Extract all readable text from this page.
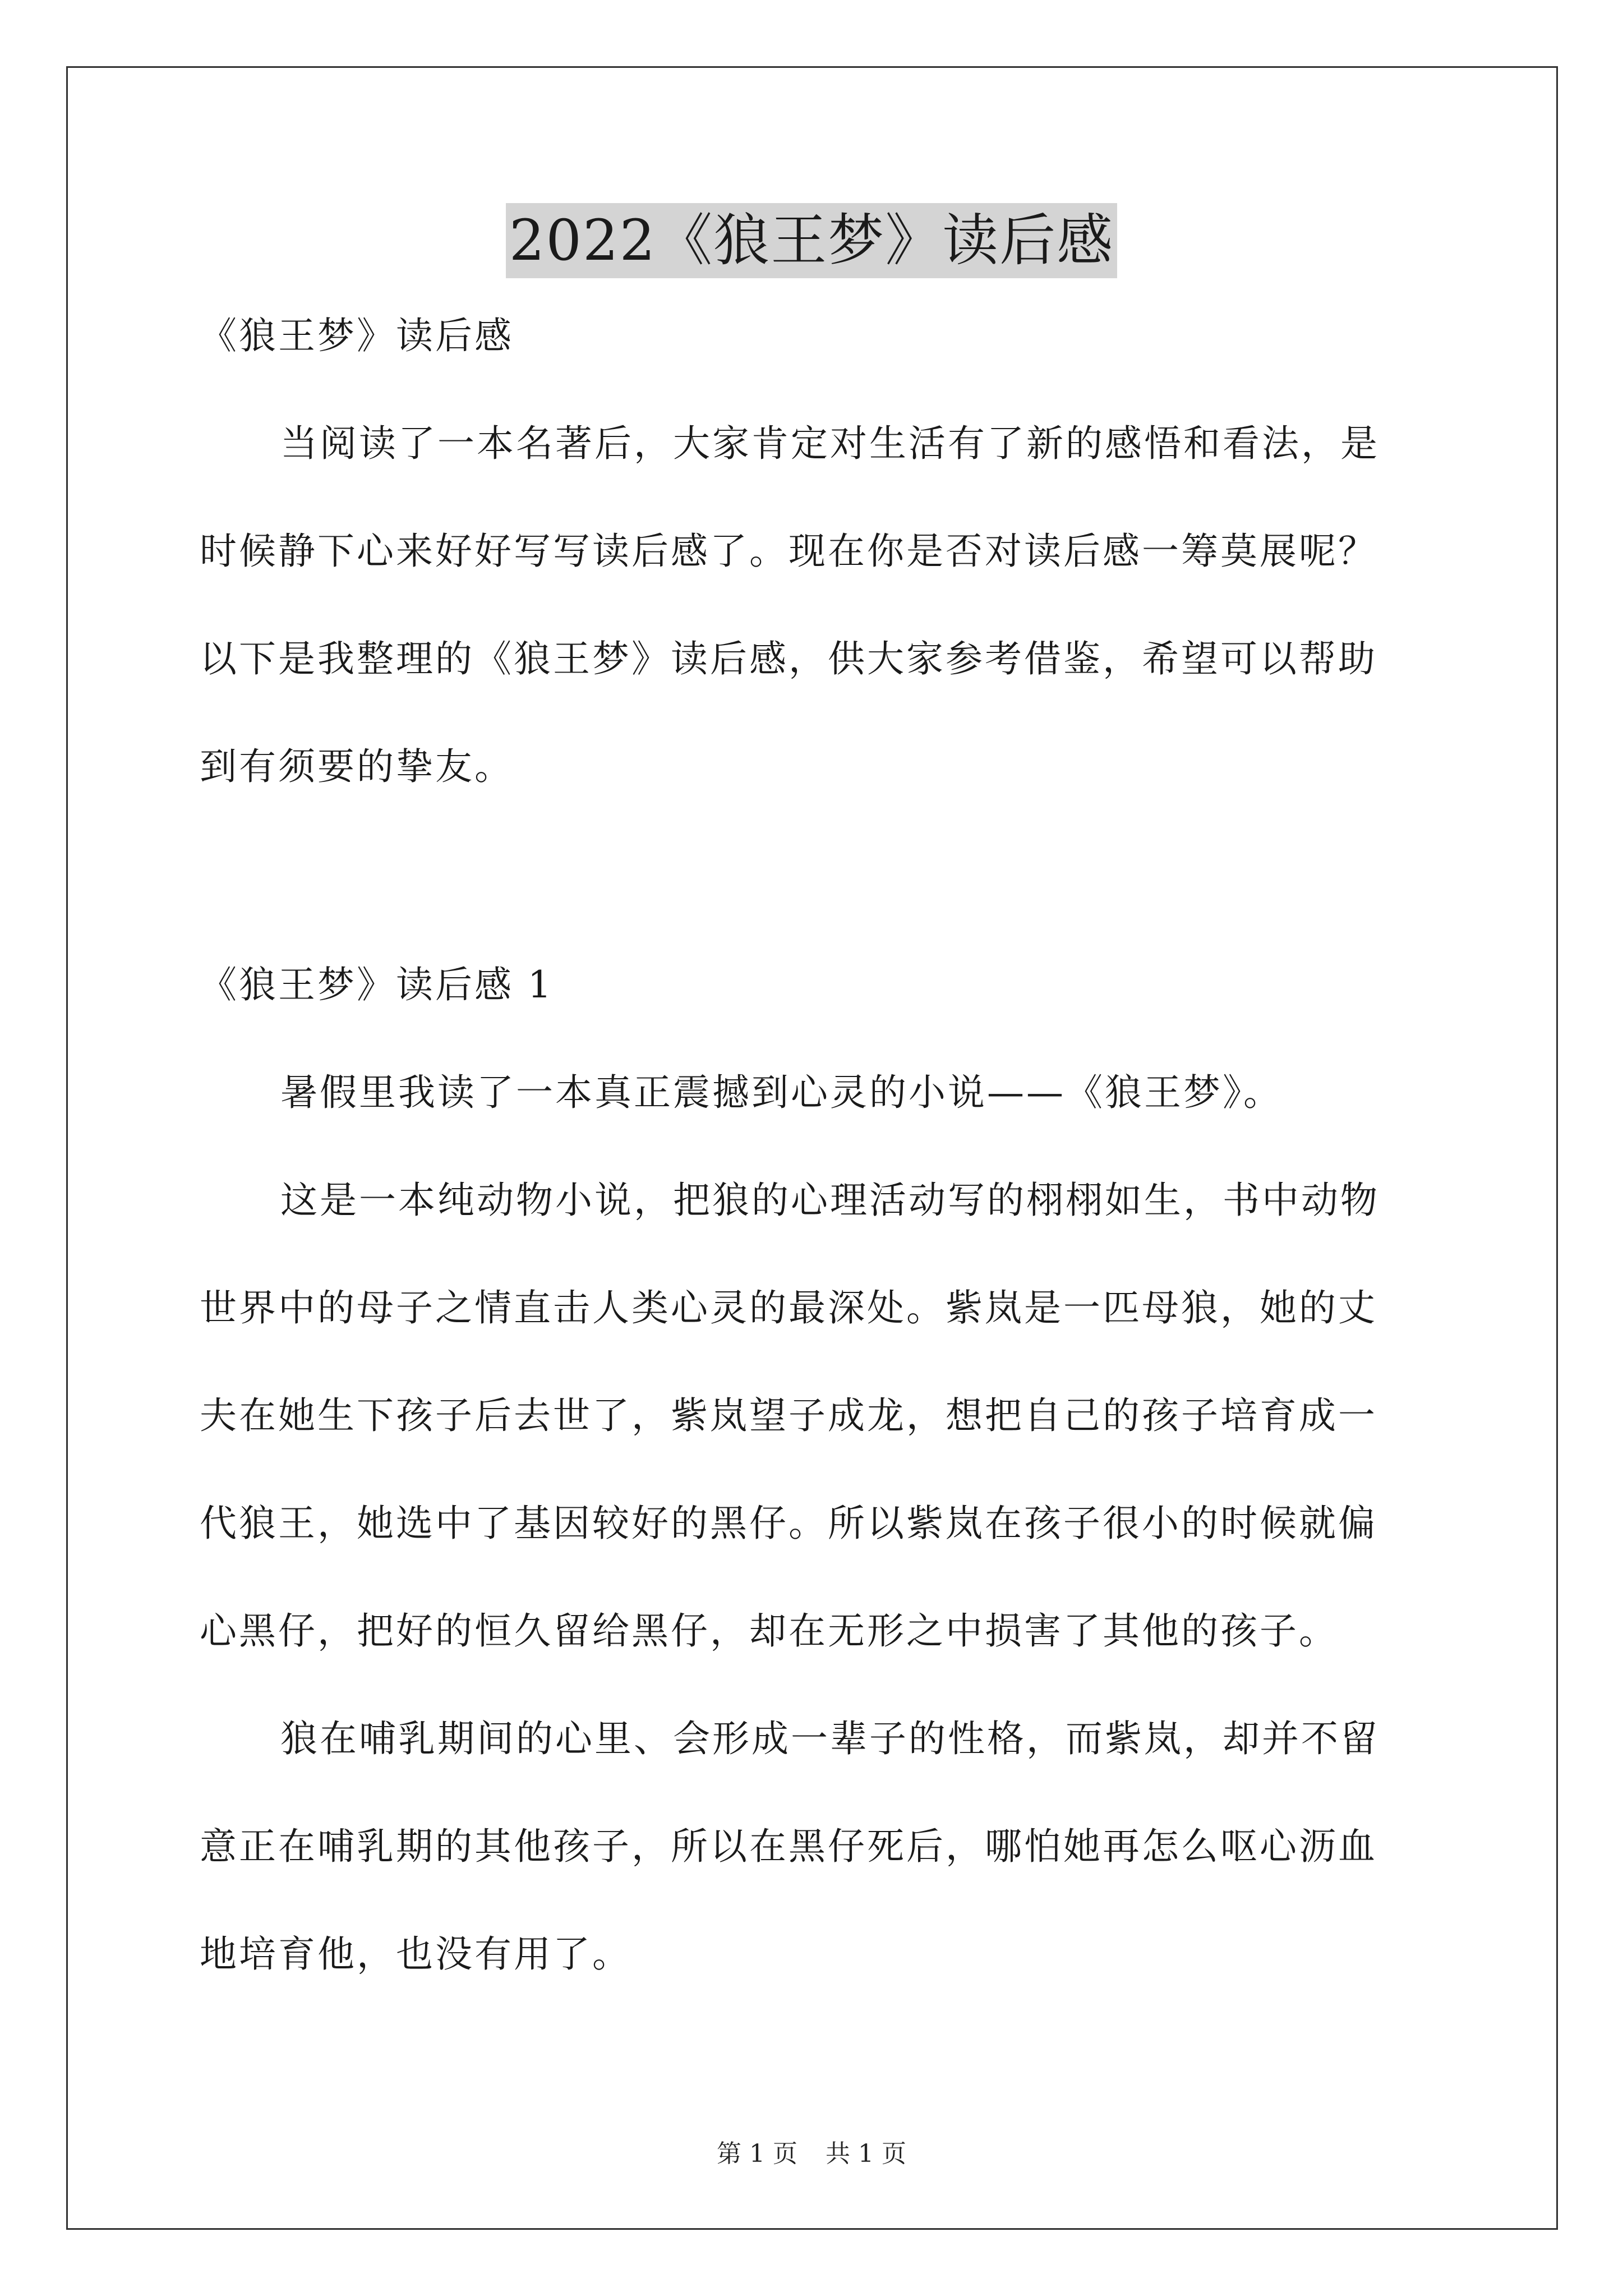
2022《狼王梦》读后感
《狼王梦》读后感
当阅读了一本名著后，大家肯定对生活有了新的感悟和看法，是
时候静下心来好好写写读后感了。现在你是否对读后感一筹莫展呢？
以下是我整理的《狼王梦》读后感，供大家参考借鉴，希望可以帮助
到有须要的挚友。
《狼王梦》读后感 1
暑假里我读了一本真正震撼到心灵的小说——《狼王梦》。
这是一本纯动物小说，把狼的心理活动写的栩栩如生，书中动物
世界中的母子之情直击人类心灵的最深处。紫岚是一匹母狼，她的丈
夫在她生下孩子后去世了，紫岚望子成龙，想把自己的孩子培育成一
代狼王，她选中了基因较好的黑仔。所以紫岚在孩子很小的时候就偏
心黑仔，把好的恒久留给黑仔，却在无形之中损害了其他的孩子。
狼在哺乳期间的心里、会形成一辈子的性格，而紫岚，却并不留
意正在哺乳期的其他孩子，所以在黑仔死后，哪怕她再怎么呕心沥血
地培育他，也没有用了。
第 1 页 共 1 页
